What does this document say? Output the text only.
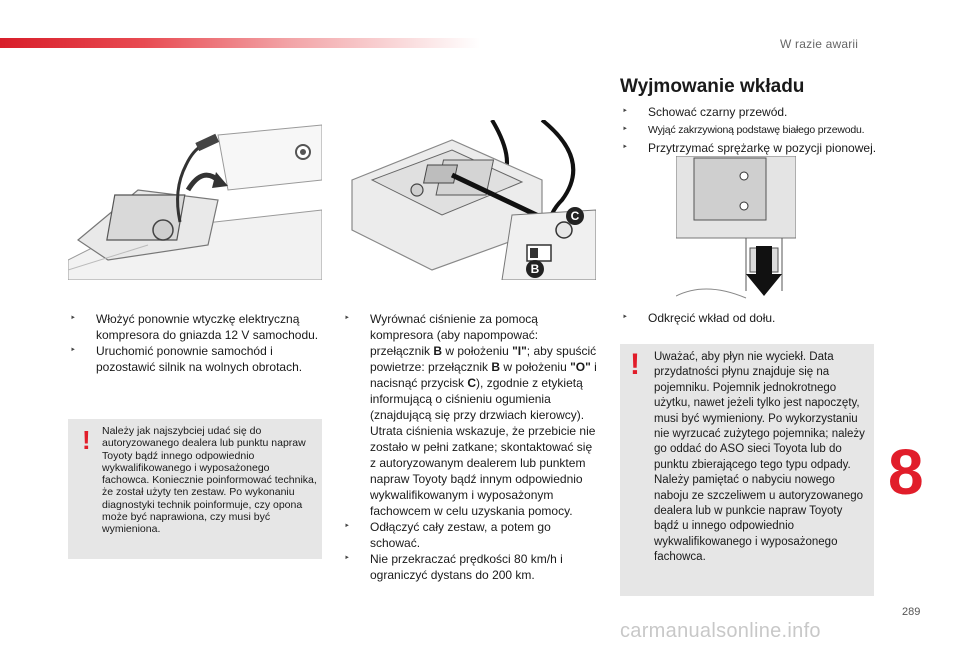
W razie awarii
C
B

‣ Włożyć ponownie wtyczkę elektryczną kompresora do gniazda 12 V samochodu.

‣ Uruchomić ponownie samochód i pozostawić silnik na wolnych obrotach.

! Należy jak najszybciej udać się do autoryzowanego dealera lub punktu napraw Toyoty bądź innego odpowiednio wykwalifikowanego i wyposażonego fachowca. Koniecznie poinformować technika, że został użyty ten zestaw. Po wykonaniu diagnostyki technik poinformuje, czy opona może być naprawiona, czy musi być wymieniona.

‣ Wyrównać ciśnienie za pomocą kompresora (aby napompować: przełącznik B w położeniu "I"; aby spuścić powietrze: przełącznik B w położeniu "O" i nacisnąć przycisk C), zgodnie z etykietą informującą o ciśnieniu ogumienia (znajdującą się przy drzwiach kierowcy). Utrata ciśnienia wskazuje, że przebicie nie zostało w pełni zatkane; skontaktować się z autoryzowanym dealerem lub punktem napraw Toyoty bądź innym odpowiednio wykwalifikowanym i wyposażonym fachowcem w celu uzyskania pomocy.

‣ Odłączyć cały zestaw, a potem go schować.

‣ Nie przekraczać prędkości 80 km/h i ograniczyć dystans do 200 km.

Wyjmowanie wkładu

‣ Schować czarny przewód.

‣ Wyjąć zakrzywioną podstawę białego przewodu.

‣ Przytrzymać sprężarkę w pozycji pionowej.

‣ Odkręcić wkład od dołu.

! Uważać, aby płyn nie wyciekł. Data przydatności płynu znajduje się na pojemniku. Pojemnik jednokrotnego użytku, nawet jeżeli tylko jest napoczęty, musi być wymieniony. Po wykorzystaniu nie wyrzucać zużytego pojemnika; należy go oddać do ASO sieci Toyota lub do punktu zbierającego tego typu odpady. Należy pamiętać o nabyciu nowego naboju ze szczeliwem u autoryzowanego dealera lub w punkcie napraw Toyoty bądź u innego odpowiednio wykwalifikowanego i wyposażonego fachowca.
8
289
carmanualsonline.info
